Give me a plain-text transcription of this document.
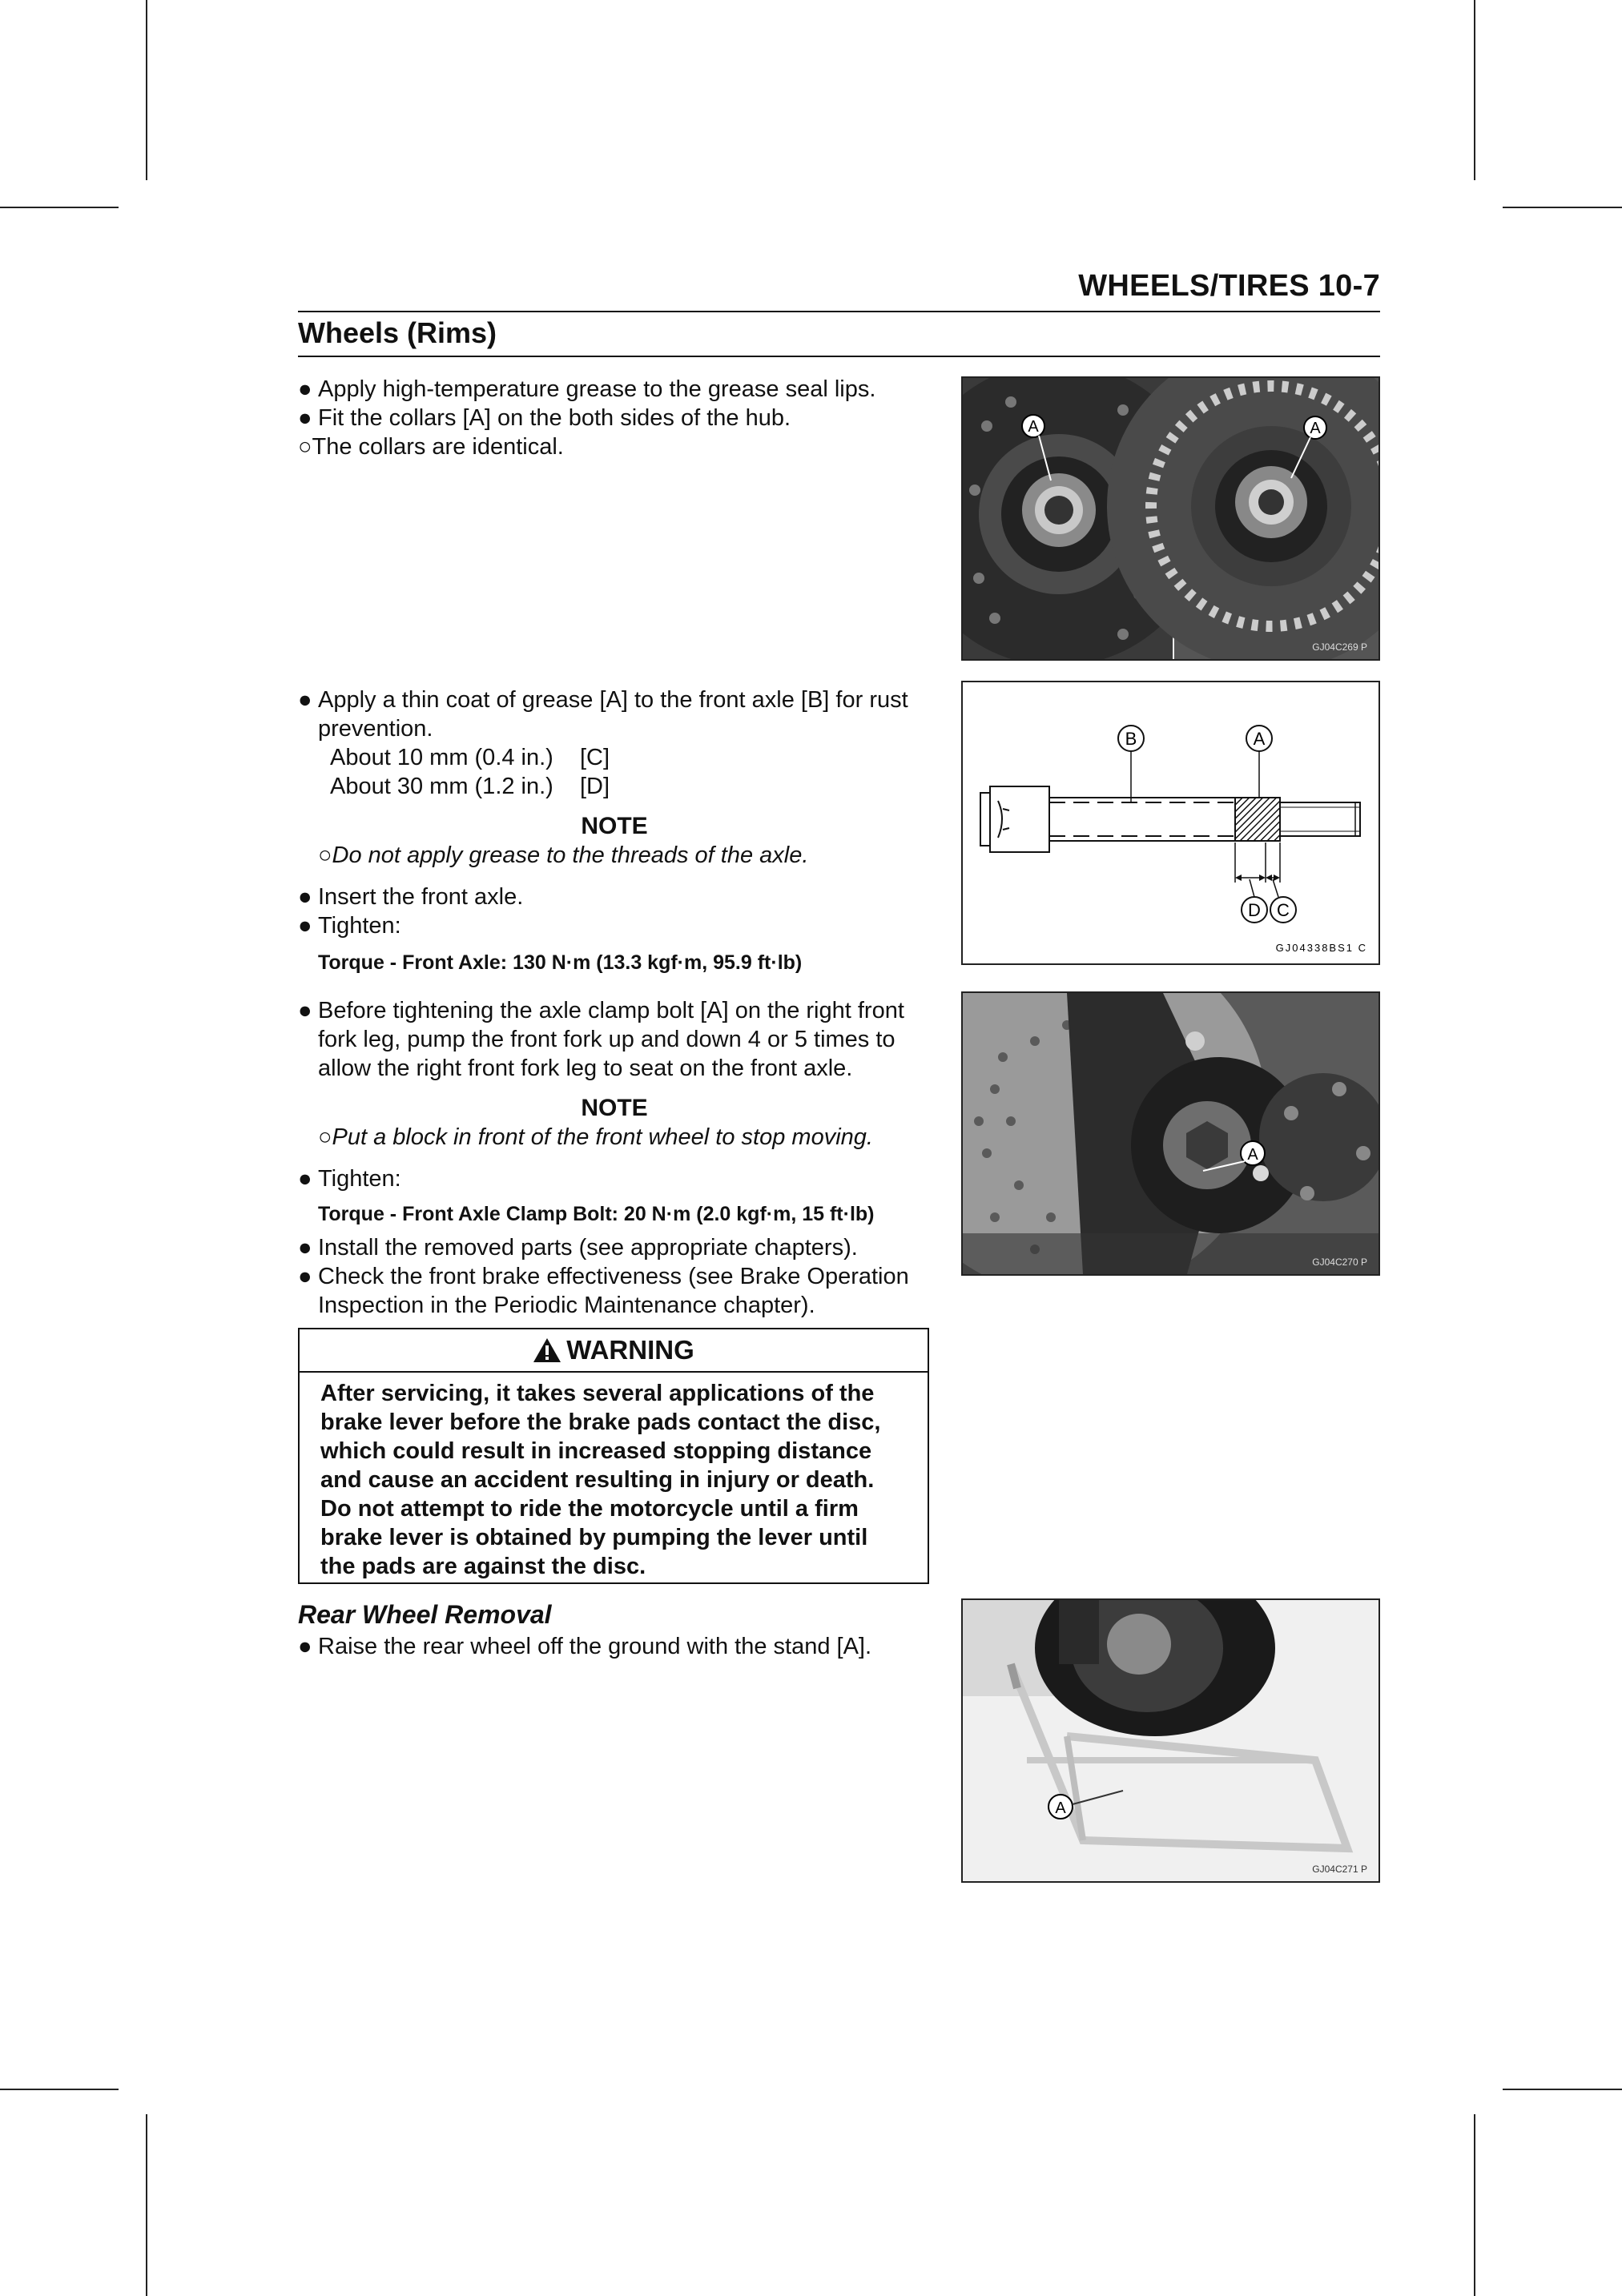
WHEELS/TIRES 10-7
Wheels (Rims)
● Apply high-temperature grease to the grease seal lips.
● Fit the collars [A] on the both sides of the hub.
○The collars are identical.
● Apply a thin coat of grease [A] to the front axle [B] for rust
prevention.
About 10 mm (0.4 in.) [C]
About 30 mm (1.2 in.) [D]
NOTE
○Do not apply grease to the threads of the axle.
● Insert the front axle.
● Tighten:
Torque - Front Axle: 130 N·m (13.3 kgf·m, 95.9 ft·lb)
● Before tightening the axle clamp bolt [A] on the right front
fork leg, pump the front fork up and down 4 or 5 times to
allow the right front fork leg to seat on the front axle.
NOTE
○Put a block in front of the front wheel to stop moving.
● Tighten:
Torque - Front Axle Clamp Bolt: 20 N·m (2.0 kgf·m, 15 ft·lb)
● Install the removed parts (see appropriate chapters).
● Check the front brake effectiveness (see Brake Operation
Inspection in the Periodic Maintenance chapter).
WARNING
After servicing, it takes several applications of the
brake lever before the brake pads contact the disc,
which could result in increased stopping distance
and cause an accident resulting in injury or death.
Do not attempt to ride the motorcycle until a firm
brake lever is obtained by pumping the lever until
the pads are against the disc.
Rear Wheel Removal
● Raise the rear wheel off the ground with the stand [A].
A	A
GJ04C269 P
B	A
D C
GJ04338BS1 C
A
GJ04C270 P
A
GJ04C271 P
